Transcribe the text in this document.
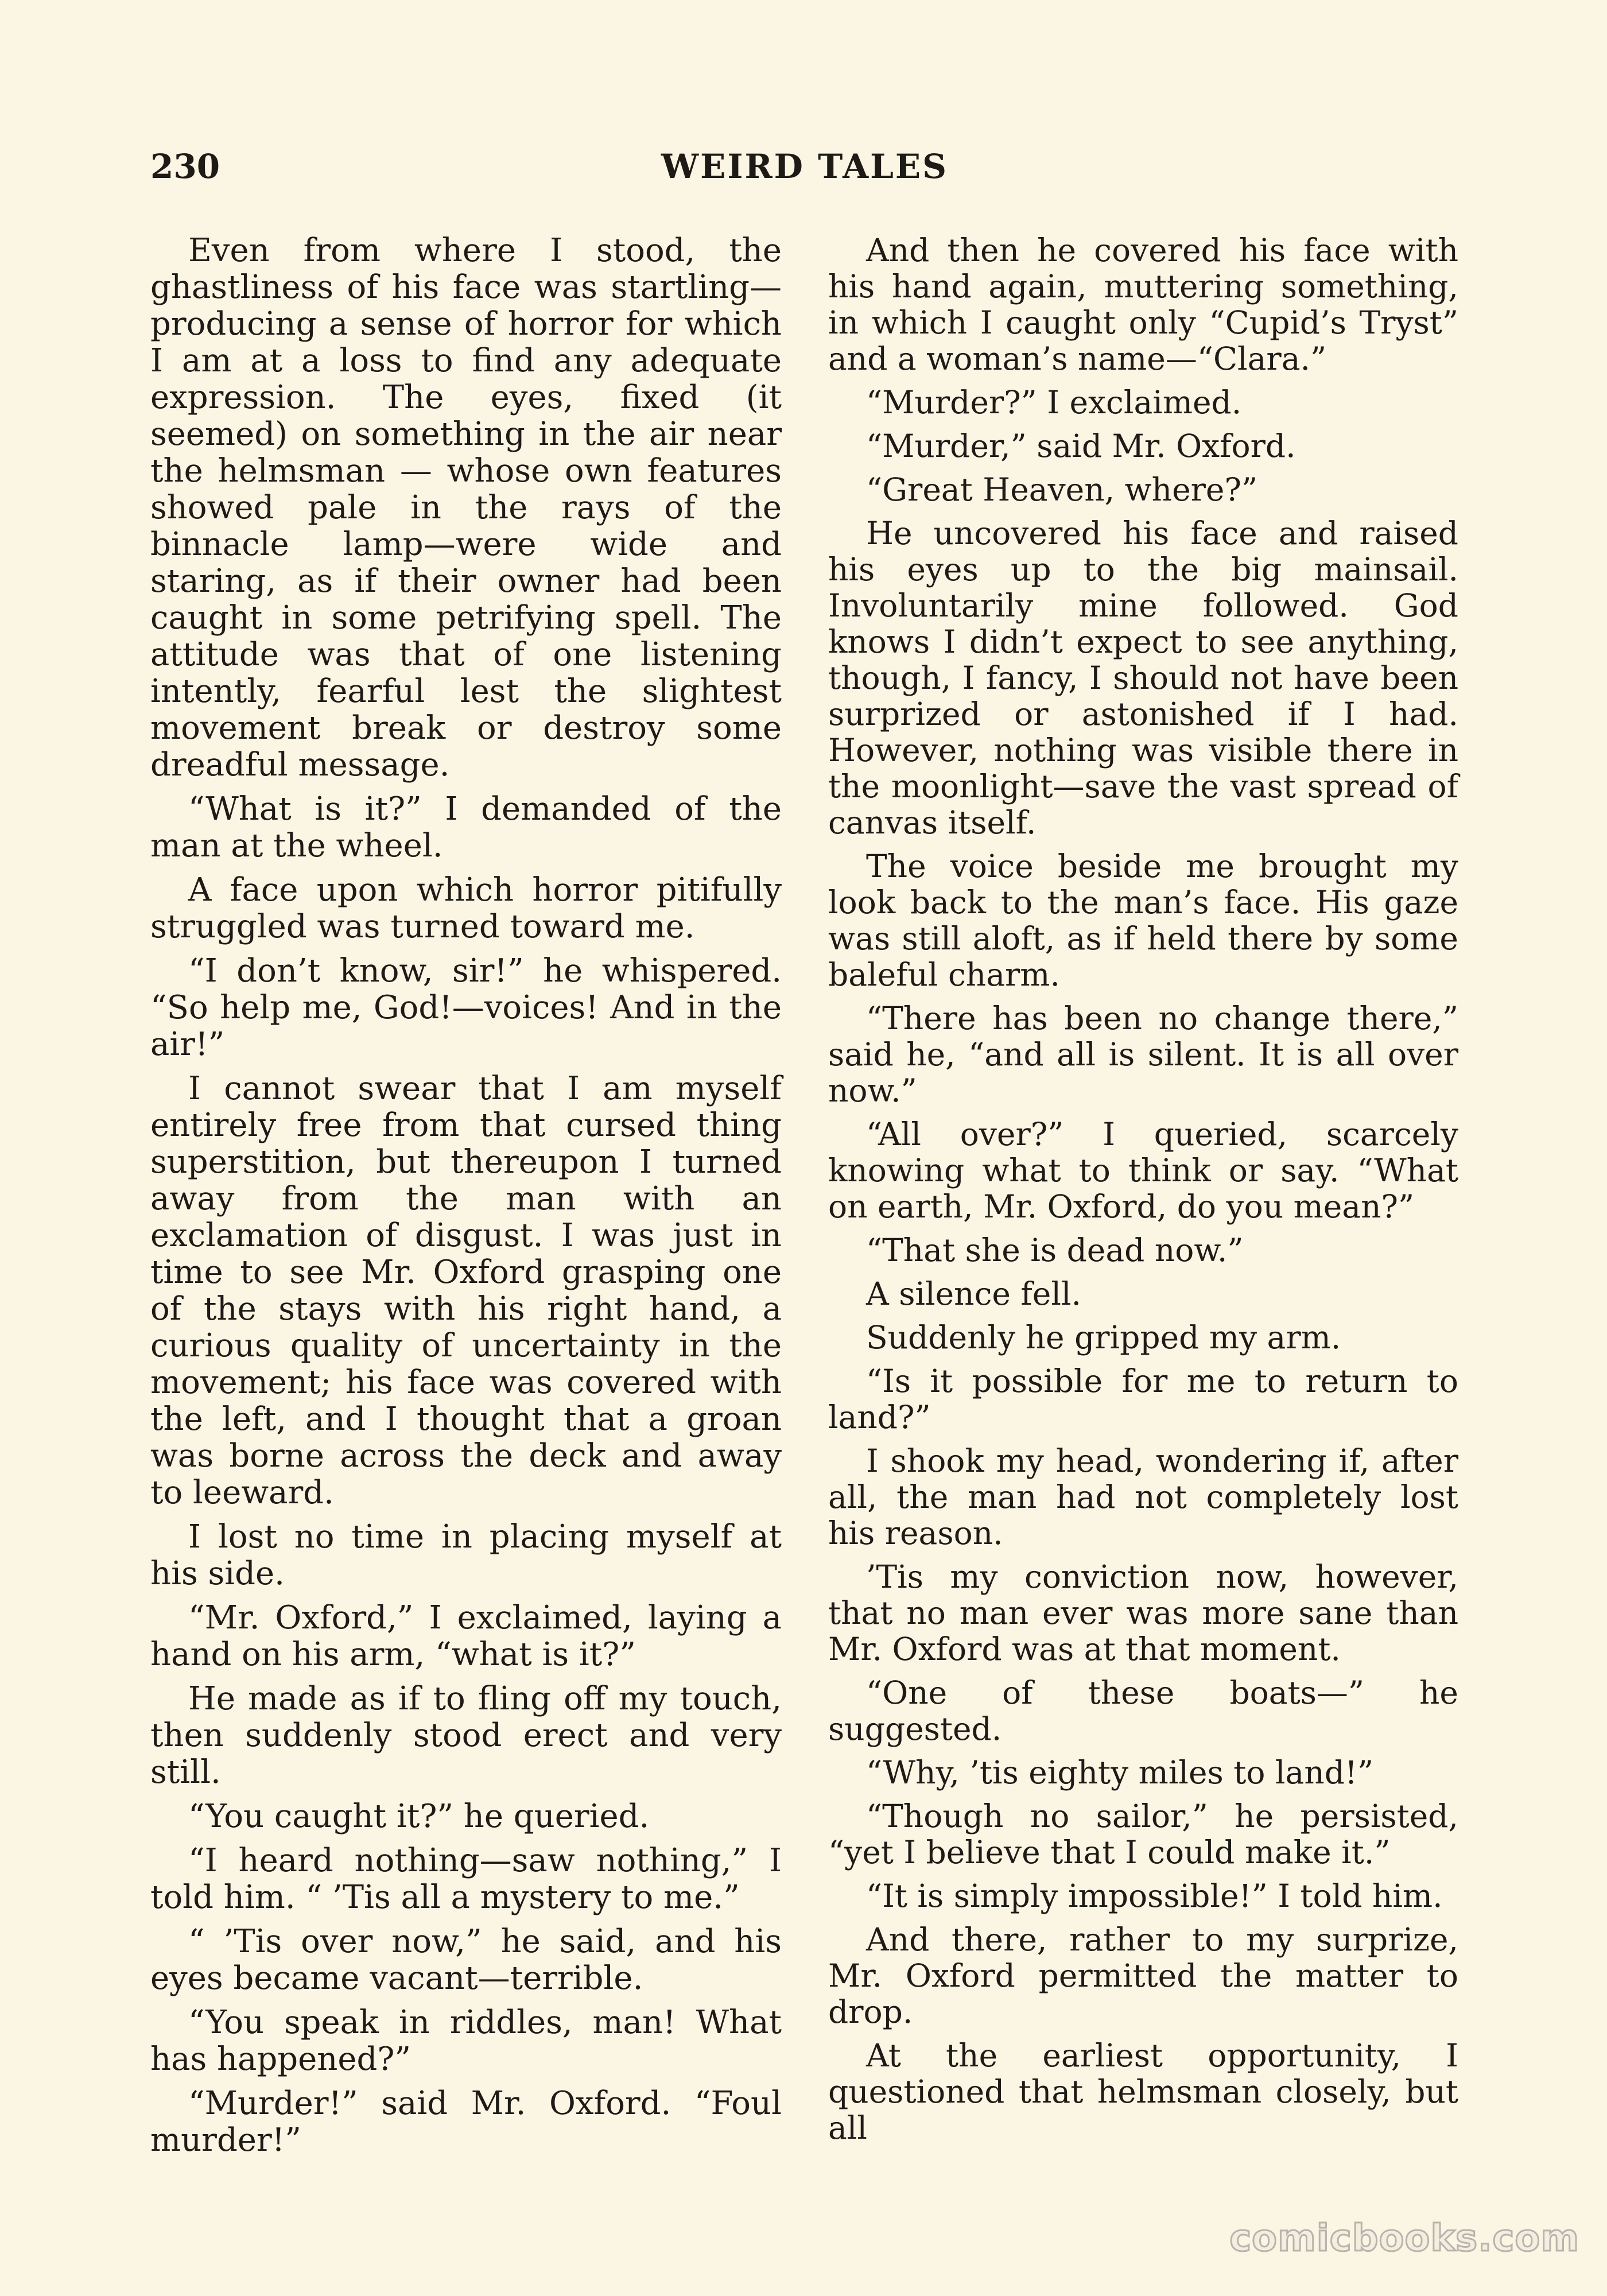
230	WEIRD TALES

Even from where I stood, the ghastliness of his face was startling—producing a sense of horror for which I am at a loss to find any adequate expression. The eyes, fixed (it seemed) on something in the air near the helmsman — whose own features showed pale in the rays of the binnacle lamp—were wide and staring, as if their owner had been caught in some petrifying spell. The attitude was that of one listening intently, fearful lest the slightest movement break or destroy some dreadful message.

“What is it?” I demanded of the man at the wheel.

A face upon which horror pitifully struggled was turned toward me.

“I don’t know, sir!” he whispered. “So help me, God!—voices! And in the air!”

I cannot swear that I am myself entirely free from that cursed thing superstition, but thereupon I turned away from the man with an exclamation of disgust. I was just in time to see Mr. Oxford grasping one of the stays with his right hand, a curious quality of uncertainty in the movement; his face was covered with the left, and I thought that a groan was borne across the deck and away to leeward.

I lost no time in placing myself at his side.

“Mr. Oxford,” I exclaimed, laying a hand on his arm, “what is it?”

He made as if to fling off my touch, then suddenly stood erect and very still.

“You caught it?” he queried.

“I heard nothing—saw nothing,” I told him. “ ’Tis all a mystery to me.”

“ ’Tis over now,” he said, and his eyes became vacant—terrible.

“You speak in riddles, man! What has happened?”

“Murder!” said Mr. Oxford. “Foul murder!”

And then he covered his face with his hand again, muttering something, in which I caught only “Cupid’s Tryst” and a woman’s name—“Clara.”

“Murder?” I exclaimed.

“Murder,” said Mr. Oxford.

“Great Heaven, where?”

He uncovered his face and raised his eyes up to the big mainsail. Involuntarily mine followed. God knows I didn’t expect to see anything, though, I fancy, I should not have been surprized or astonished if I had. However, nothing was visible there in the moonlight—save the vast spread of canvas itself.

The voice beside me brought my look back to the man’s face. His gaze was still aloft, as if held there by some baleful charm.

“There has been no change there,” said he, “and all is silent. It is all over now.”

“All over?” I queried, scarcely knowing what to think or say. “What on earth, Mr. Oxford, do you mean?”

“That she is dead now.”

A silence fell.

Suddenly he gripped my arm.

“Is it possible for me to return to land?”

I shook my head, wondering if, after all, the man had not completely lost his reason.

’Tis my conviction now, however, that no man ever was more sane than Mr. Oxford was at that moment.

“One of these boats—” he suggested.

“Why, ’tis eighty miles to land!”

“Though no sailor,” he persisted, “yet I believe that I could make it.”

“It is simply impossible!” I told him.

And there, rather to my surprize, Mr. Oxford permitted the matter to drop.

At the earliest opportunity, I questioned that helmsman closely, but all

comicbooks.com
